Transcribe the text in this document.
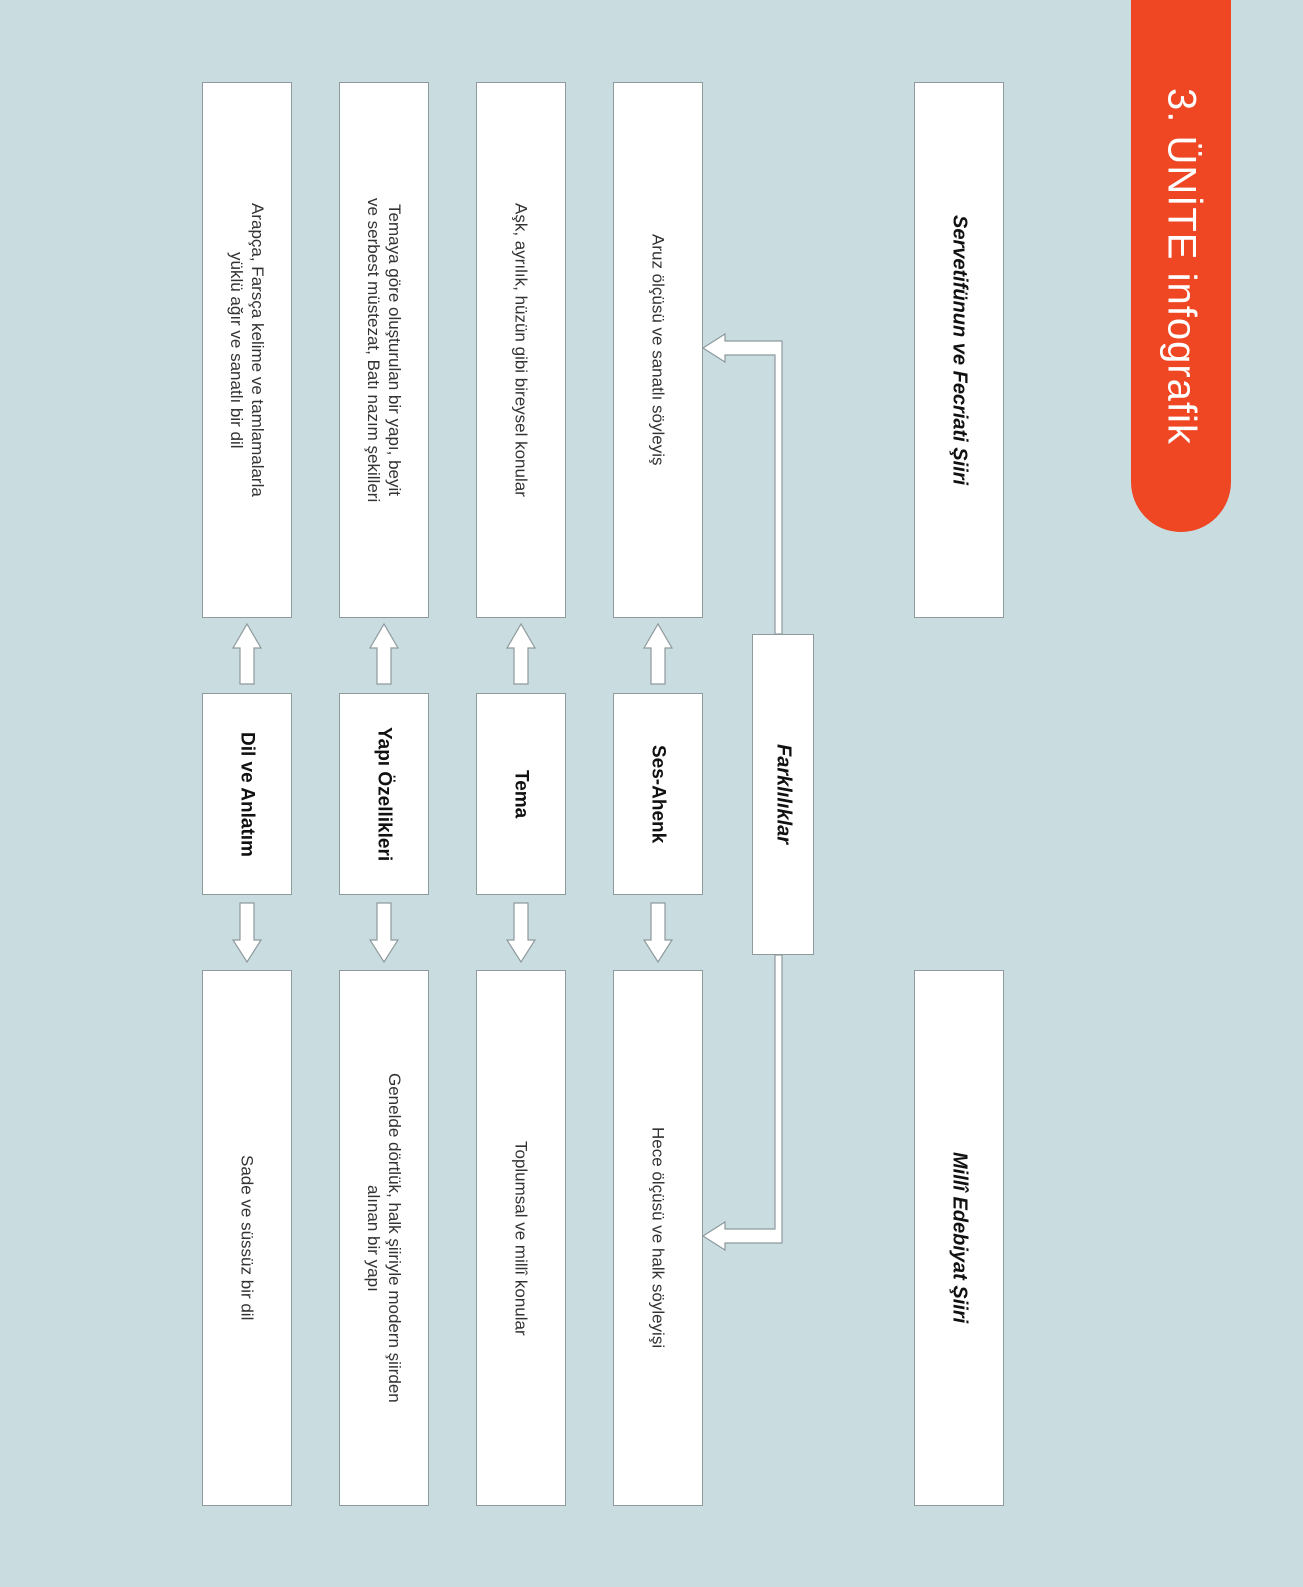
3. ÜNİTE infografik
Servetifünun ve Fecriati Şiiri
Millî Edebiyat Şiiri
Farklılıklar
Aruz ölçüsü ve sanatlı söyleyiş
Ses-Ahenk
Hece ölçüsü ve halk söyleyişi
Aşk, ayrılık, hüzün gibi bireysel konular
Tema
Toplumsal ve millî konular
Temaya göre oluşturulan bir yapı, beyit
ve serbest müstezat, Batı nazım şekilleri
Yapı Özellikleri
Genelde dörtlük, halk şiiriyle modern şiirden
alınan bir yapı
Arapça, Farsça kelime ve tamlamalarla
yüklü ağır ve sanatlı bir dil
Dil ve Anlatım
Sade ve süssüz bir dil
